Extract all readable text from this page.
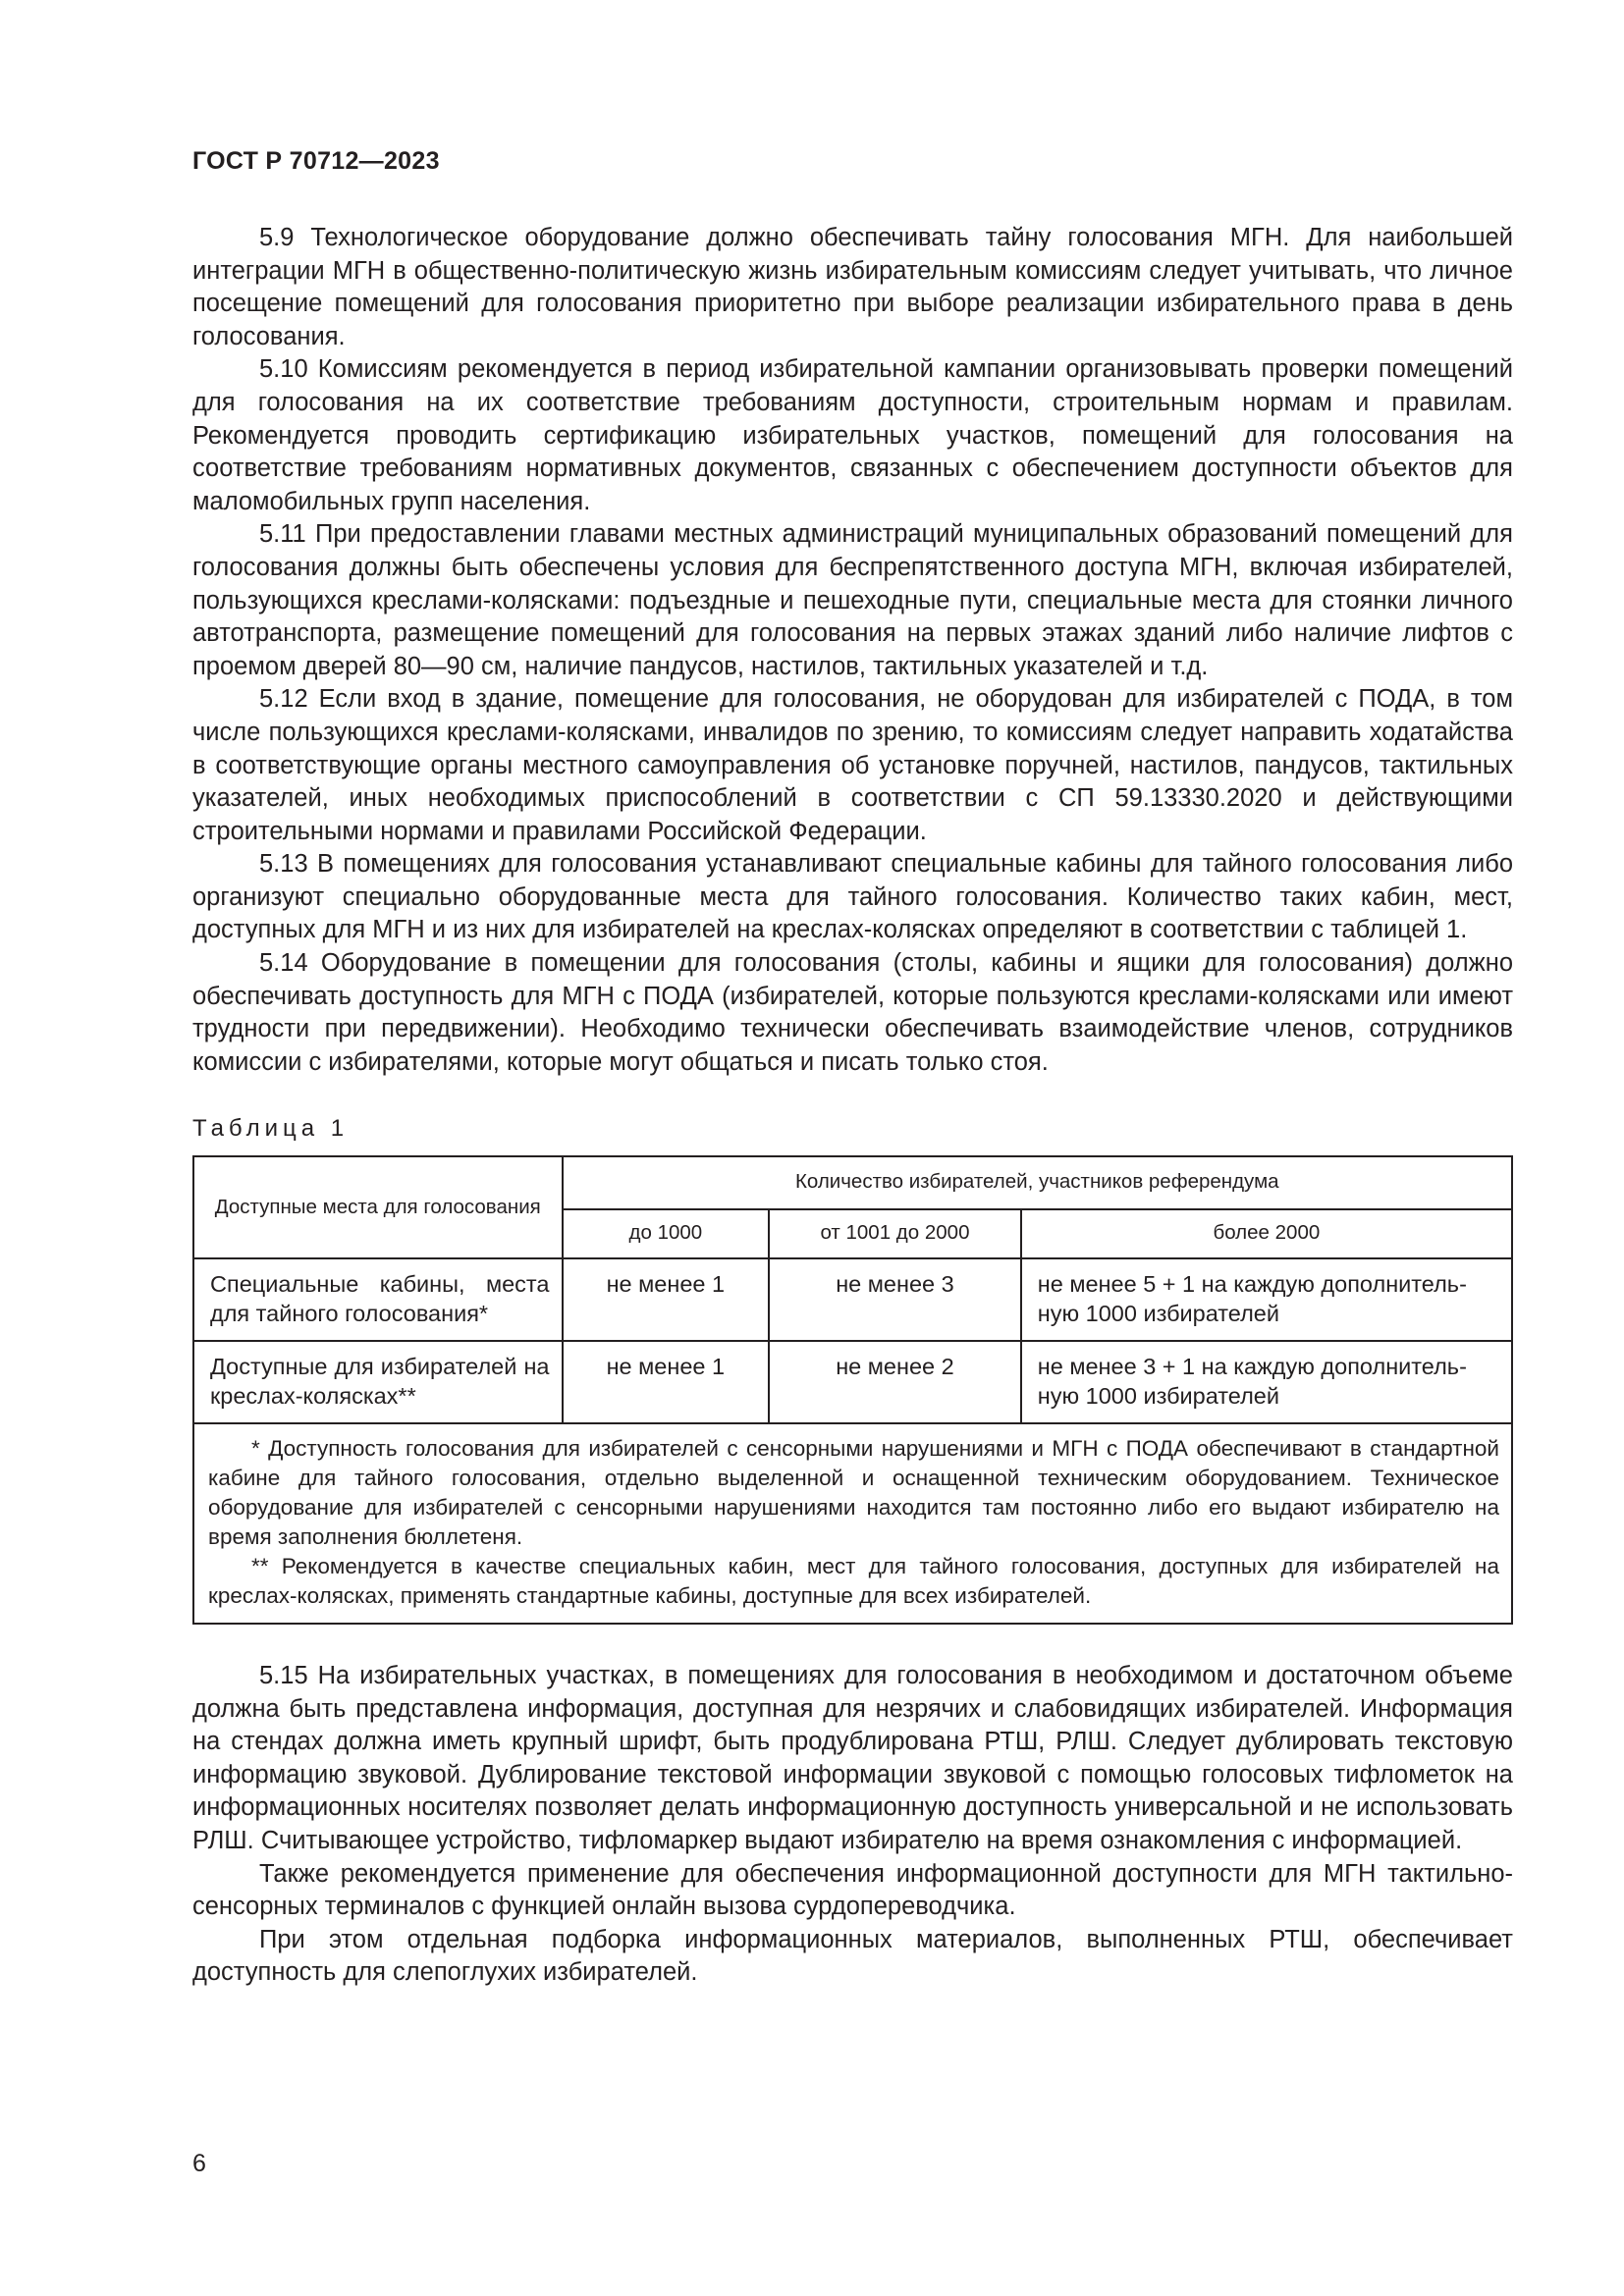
ГОСТ Р 70712—2023

5.9 Технологическое оборудование должно обеспечивать тайну голосования МГН. Для наибольшей интеграции МГН в общественно-политическую жизнь избирательным комиссиям следует учитывать, что личное посещение помещений для голосования приоритетно при выборе реализации избирательного права в день голосования.

5.10 Комиссиям рекомендуется в период избирательной кампании организовывать проверки помещений для голосования на их соответствие требованиям доступности, строительным нормам и правилам. Рекомендуется проводить сертификацию избирательных участков, помещений для голосования на соответствие требованиям нормативных документов, связанных с обеспечением доступности объектов для маломобильных групп населения.

5.11 При предоставлении главами местных администраций муниципальных образований помещений для голосования должны быть обеспечены условия для беспрепятственного доступа МГН, включая избирателей, пользующихся креслами-колясками: подъездные и пешеходные пути, специальные места для стоянки личного автотранспорта, размещение помещений для голосования на первых этажах зданий либо наличие лифтов с проемом дверей 80—90 см, наличие пандусов, настилов, тактильных указателей и т.д.

5.12 Если вход в здание, помещение для голосования, не оборудован для избирателей с ПОДА, в том числе пользующихся креслами-колясками, инвалидов по зрению, то комиссиям следует направить ходатайства в соответствующие органы местного самоуправления об установке поручней, настилов, пандусов, тактильных указателей, иных необходимых приспособлений в соответствии с СП 59.13330.2020 и действующими строительными нормами и правилами Российской Федерации.

5.13 В помещениях для голосования устанавливают специальные кабины для тайного голосования либо организуют специально оборудованные места для тайного голосования. Количество таких кабин, мест, доступных для МГН и из них для избирателей на креслах-колясках определяют в соответствии с таблицей 1.

5.14 Оборудование в помещении для голосования (столы, кабины и ящики для голосования) должно обеспечивать доступность для МГН с ПОДА (избирателей, которые пользуются креслами-колясками или имеют трудности при передвижении). Необходимо технически обеспечивать взаимодействие членов, сотрудников комиссии с избирателями, которые могут общаться и писать только стоя.

Таблица 1
Доступные места для голосования	Количество избирателей, участников референдума		
	до 1000	от 1001 до 2000	более 2000
Специальные кабины, места для тайного голосования*	не менее 1	не менее 3	не менее 5 + 1 на каждую дополнительную 1000 избирателей
Доступные для избирателей на креслах-колясках**	не менее 1	не менее 2	не менее 3 + 1 на каждую дополнительную 1000 избирателей

* Доступность голосования для избирателей с сенсорными нарушениями и МГН с ПОДА обеспечивают в стандартной кабине для тайного голосования, отдельно выделенной и оснащенной техническим оборудованием. Техническое оборудование для избирателей с сенсорными нарушениями находится там постоянно либо его выдают избирателю на время заполнения бюллетеня.

** Рекомендуется в качестве специальных кабин, мест для тайного голосования, доступных для избирателей на креслах-колясках, применять стандартные кабины, доступные для всех избирателей.			

5.15 На избирательных участках, в помещениях для голосования в необходимом и достаточном объеме должна быть представлена информация, доступная для незрячих и слабовидящих избирателей. Информация на стендах должна иметь крупный шрифт, быть продублирована РТШ, РЛШ. Следует дублировать текстовую информацию звуковой. Дублирование текстовой информации звуковой с помощью голосовых тифлометок на информационных носителях позволяет делать информационную доступность универсальной и не использовать РЛШ. Считывающее устройство, тифломаркер выдают избирателю на время ознакомления с информацией.

Также рекомендуется применение для обеспечения информационной доступности для МГН тактильно-сенсорных терминалов с функцией онлайн вызова сурдопереводчика.

При этом отдельная подборка информационных материалов, выполненных РТШ, обеспечивает доступность для слепоглухих избирателей.

6
